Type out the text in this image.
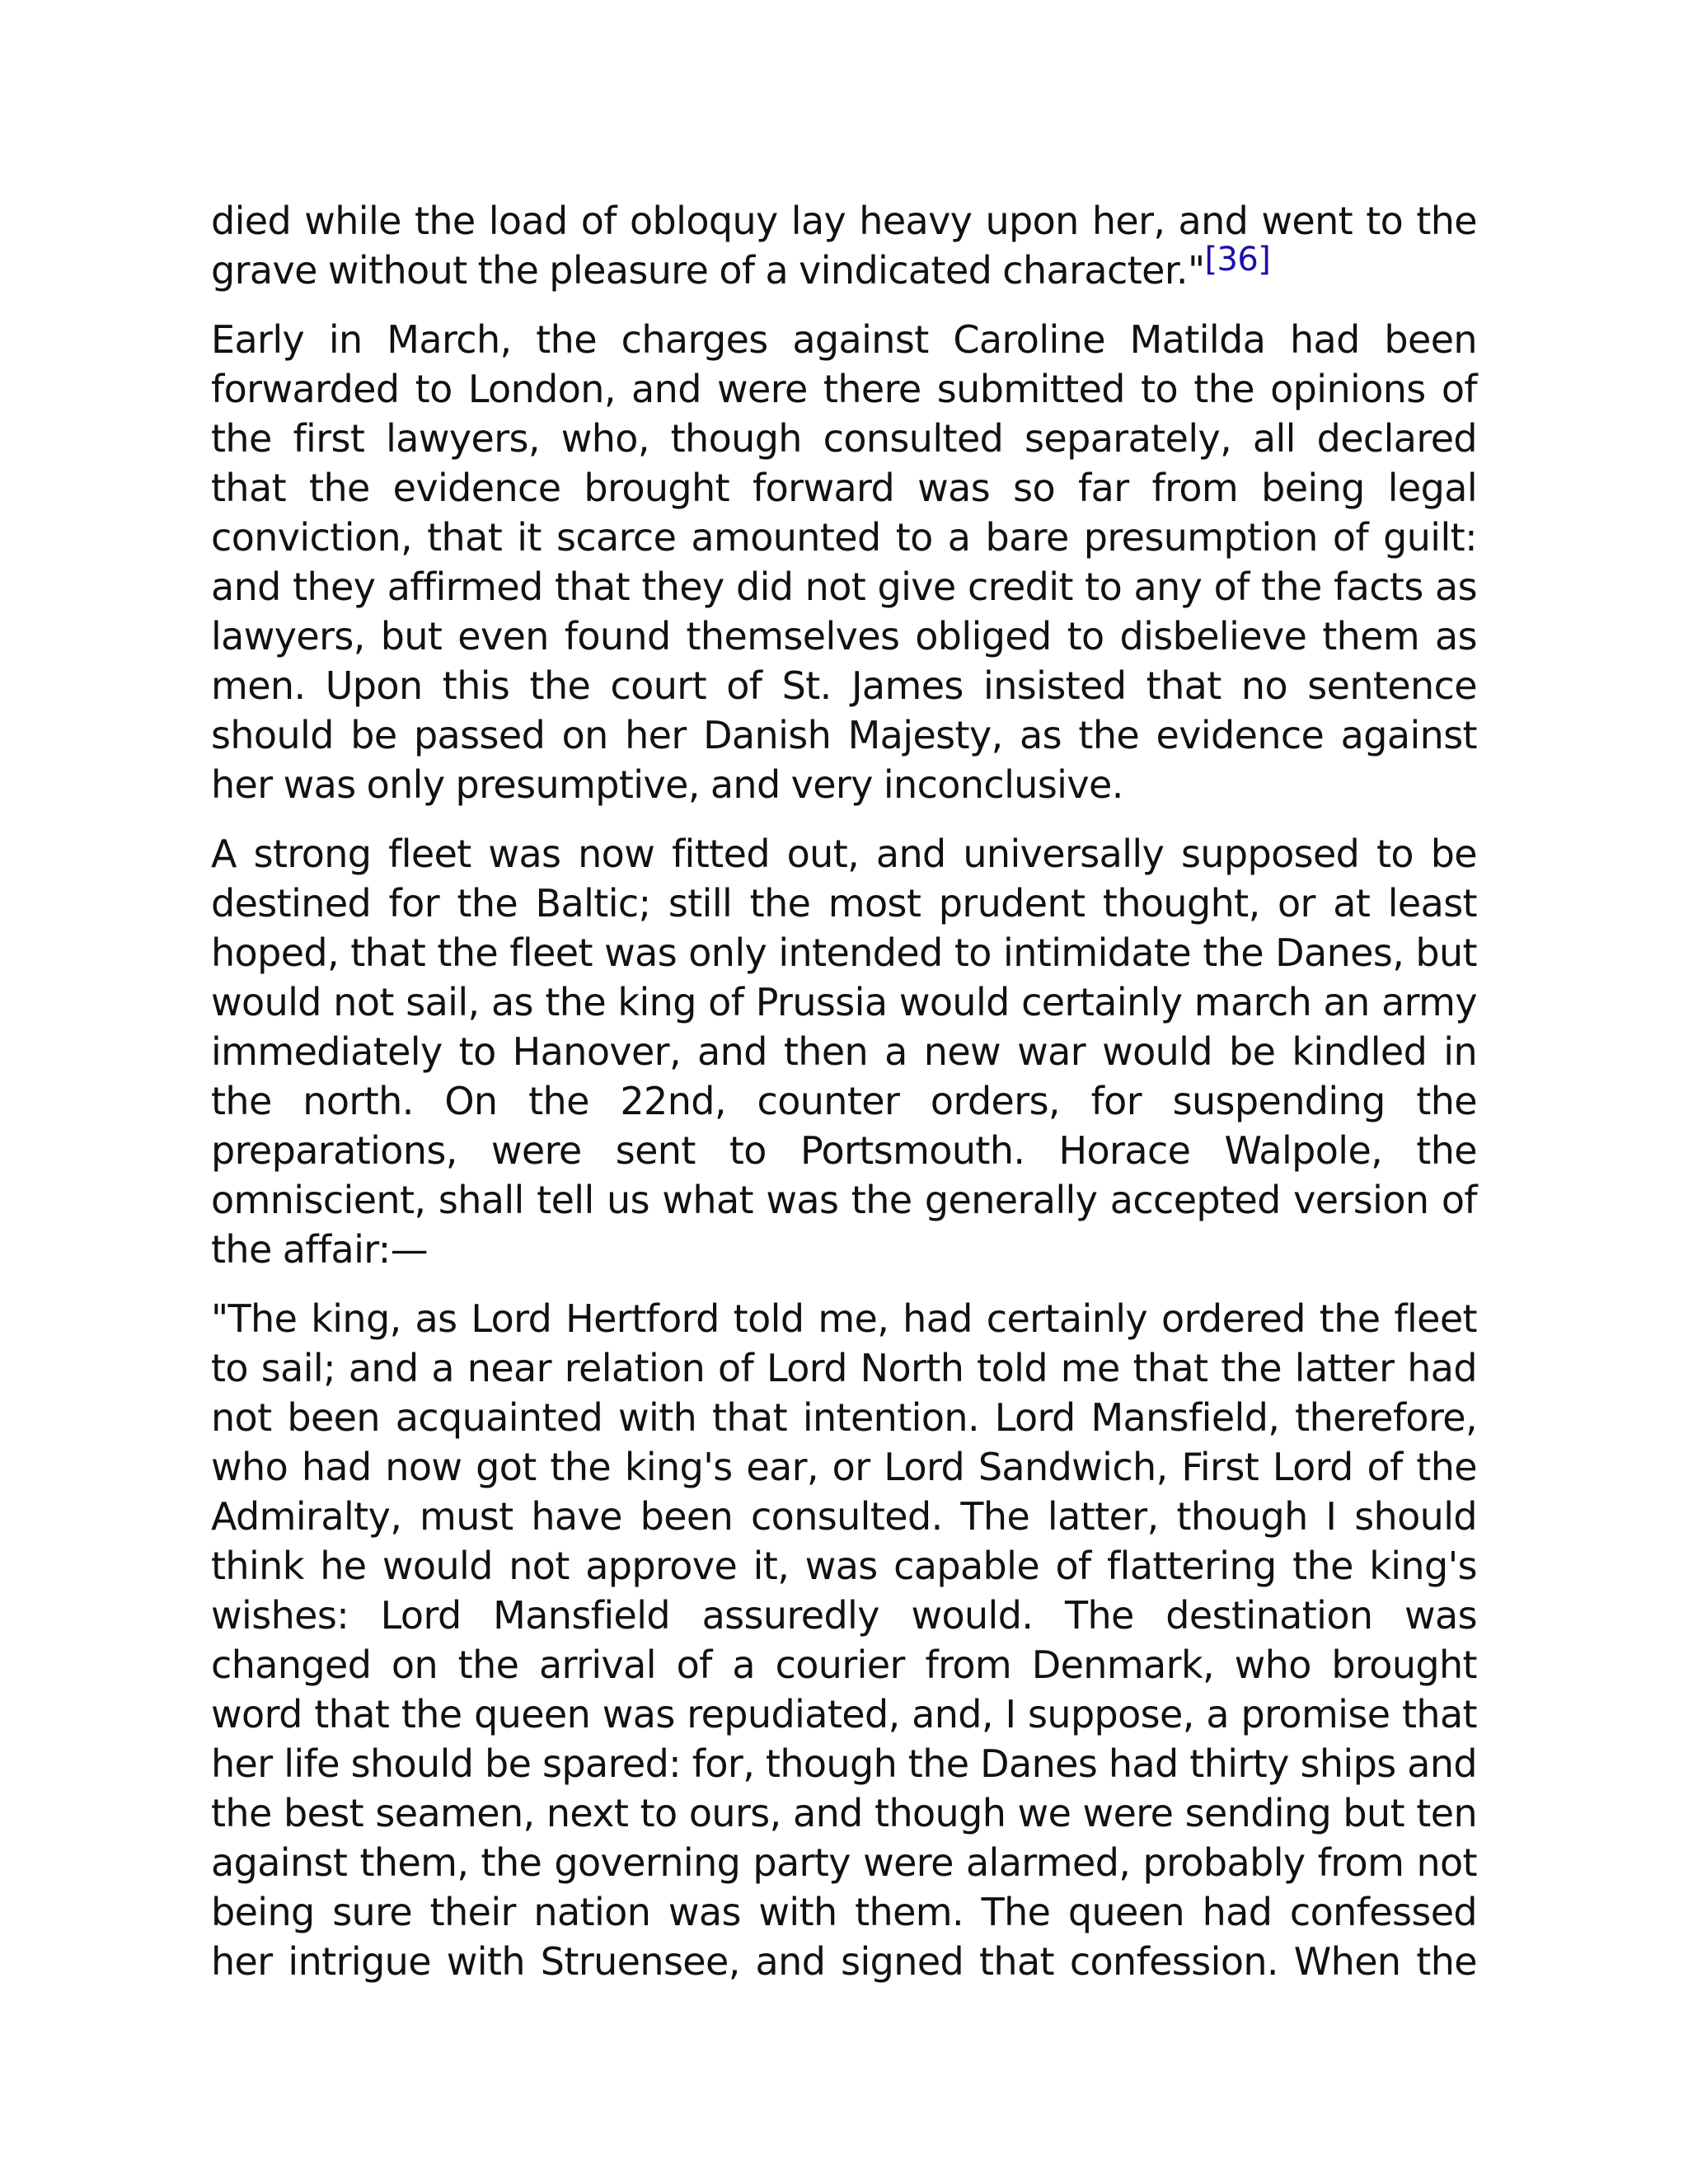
died while the load of obloquy lay heavy upon her, and went to the grave without the pleasure of a vindicated character."[36]

Early in March, the charges against Caroline Matilda had been forwarded to London, and were there submitted to the opinions of the first lawyers, who, though consulted separately, all declared that the evidence brought forward was so far from being legal conviction, that it scarce amounted to a bare presumption of guilt: and they affirmed that they did not give credit to any of the facts as lawyers, but even found themselves obliged to disbelieve them as men. Upon this the court of St. James insisted that no sentence should be passed on her Danish Majesty, as the evidence against her was only presumptive, and very inconclusive.

A strong fleet was now fitted out, and universally supposed to be destined for the Baltic; still the most prudent thought, or at least hoped, that the fleet was only intended to intimidate the Danes, but would not sail, as the king of Prussia would certainly march an army immediately to Hanover, and then a new war would be kindled in the north. On the 22nd, counter orders, for suspending the preparations, were sent to Portsmouth. Horace Walpole, the omniscient, shall tell us what was the generally accepted version of the affair:—

"The king, as Lord Hertford told me, had certainly ordered the fleet to sail; and a near relation of Lord North told me that the latter had not been acquainted with that intention. Lord Mansfield, therefore, who had now got the king's ear, or Lord Sandwich, First Lord of the Admiralty, must have been consulted. The latter, though I should think he would not approve it, was capable of flattering the king's wishes: Lord Mansfield assuredly would. The destination was changed on the arrival of a courier from Denmark, who brought word that the queen was repudiated, and, I suppose, a promise that her life should be spared: for, though the Danes had thirty ships and the best seamen, next to ours, and though we were sending but ten against them, the governing party were alarmed, probably from not being sure their nation was with them. The queen had confessed her intrigue with Struensee, and signed that confession. When the
